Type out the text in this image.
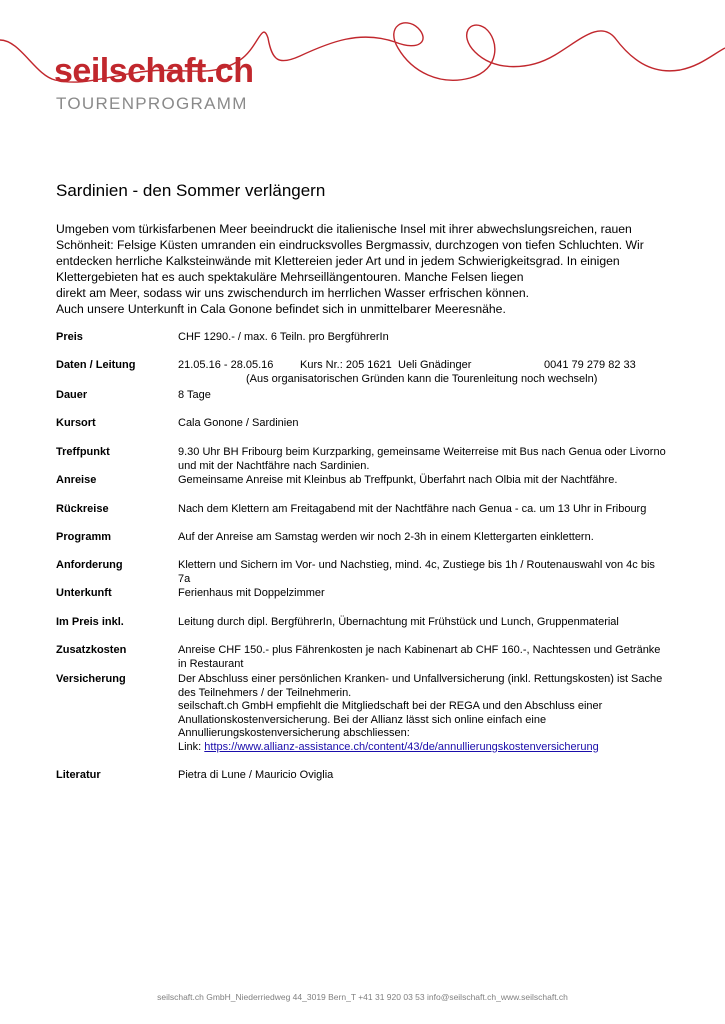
seilschaft.ch
TOURENPROGRAMM
Sardinien - den Sommer verlängern
Umgeben vom türkisfarbenen Meer beeindruckt die italienische Insel mit ihrer abwechslungsreichen, rauen
Schönheit: Felsige Küsten umranden ein eindrucksvolles Bergmassiv, durchzogen von tiefen Schluchten. Wir
entdecken herrliche Kalksteinwände mit Klettereien jeder Art und in jedem Schwierigkeitsgrad. In einigen
Klettergebieten hat es auch spektakuläre Mehrseillängentouren. Manche Felsen liegen
direkt am Meer, sodass wir uns zwischendurch im herrlichen Wasser erfrischen können.
Auch unsere Unterkunft in Cala Gonone befindet sich in unmittelbarer Meeresnähe.
Preis	CHF 1290.- / max. 6 Teiln. pro BergführerIn
Daten / Leitung	21.05.16 - 28.05.16 Kurs Nr.: 205 1621 Ueli Gnädinger	0041 79 279 82 33
(Aus organisatorischen Gründen kann die Tourenleitung noch wechseln)
Dauer	8 Tage
Kursort	Cala Gonone / Sardinien
Treffpunkt	9.30 Uhr BH Fribourg beim Kurzparking, gemeinsame Weiterreise mit Bus nach Genua oder Livorno und mit der Nachtfähre nach Sardinien.
Anreise	Gemeinsame Anreise mit Kleinbus ab Treffpunkt, Überfahrt nach Olbia mit der Nachtfähre.
Rückreise	Nach dem Klettern am Freitagabend mit der Nachtfähre nach Genua - ca. um 13 Uhr in Fribourg
Programm	Auf der Anreise am Samstag werden wir noch 2-3h in einem Klettergarten einklettern.
Anforderung	Klettern und Sichern im Vor- und Nachstieg, mind. 4c, Zustiege bis 1h / Routenauswahl von 4c bis 7a
Unterkunft	Ferienhaus mit Doppelzimmer
Im Preis inkl.	Leitung durch dipl. BergführerIn, Übernachtung mit Frühstück und Lunch, Gruppenmaterial
Zusatzkosten	Anreise CHF 150.- plus Fährenkosten je nach Kabinenart ab CHF 160.-, Nachtessen und Getränke in Restaurant
Versicherung	Der Abschluss einer persönlichen Kranken- und Unfallversicherung (inkl. Rettungskosten) ist Sache des Teilnehmers / der Teilnehmerin.
seilschaft.ch GmbH empfiehlt die Mitgliedschaft bei der REGA und den Abschluss einer Anullationskostenversicherung. Bei der Allianz lässt sich online einfach eine Annullierungskostenversicherung abschliessen:
Link: https://www.allianz-assistance.ch/content/43/de/annullierungskostenversicherung
Literatur	Pietra di Lune / Mauricio Oviglia
seilschaft.ch GmbH_Niederriedweg 44_3019 Bern_T +41 31 920 03 53 info@seilschaft.ch_www.seilschaft.ch
